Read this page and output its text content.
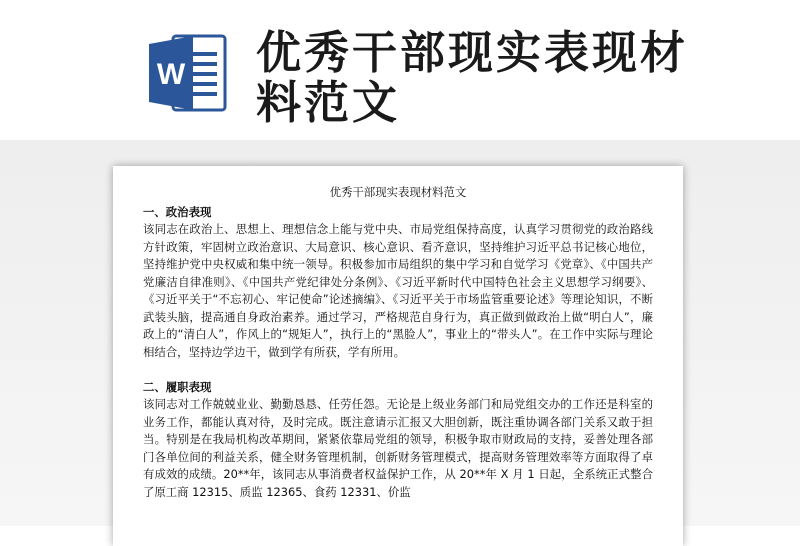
W 优秀干部现实表现材料范文

优秀干部现实表现材料范文

一、政治表现

该同志在政治上、思想上、理想信念上能与党中央、市局党组保持高度，认真学习贯彻党的政治路线方针政策，牢固树立政治意识、大局意识、核心意识、看齐意识，坚持维护习近平总书记核心地位，坚持维护党中央权威和集中统一领导。积极参加市局组织的集中学习和自觉学习《党章》、《中国共产党廉洁自律准则》、《中国共产党纪律处分条例》、《习近平新时代中国特色社会主义思想学习纲要》、《习近平关于“不忘初心、牢记使命”论述摘编》、《习近平关于市场监管重要论述》等理论知识，不断武装头脑，提高通自身政治素养。通过学习，严格规范自身行为，真正做到做政治上做“明白人”，廉政上的“清白人”，作风上的“规矩人”，执行上的“黑脸人”，事业上的“带头人”。在工作中实际与理论相结合，坚持边学边干，做到学有所获，学有所用。

二、履职表现

该同志对工作兢兢业业、勤勤恳恳、任劳任怨。无论是上级业务部门和局党组交办的工作还是科室的业务工作，都能认真对待，及时完成。既注意请示汇报又大胆创新，既注重协调各部门关系又敢于担当。特别是在我局机构改革期间，紧紧依靠局党组的领导，积极争取市财政局的支持，妥善处理各部门各单位间的利益关系，健全财务管理机制，创新财务管理模式，提高财务管理效率等方面取得了卓有成效的成绩。20**年，该同志从事消费者权益保护工作，从 20**年 X 月 1 日起，全系统正式整合了原工商 12315、质监 12365、食药 12331、价监
